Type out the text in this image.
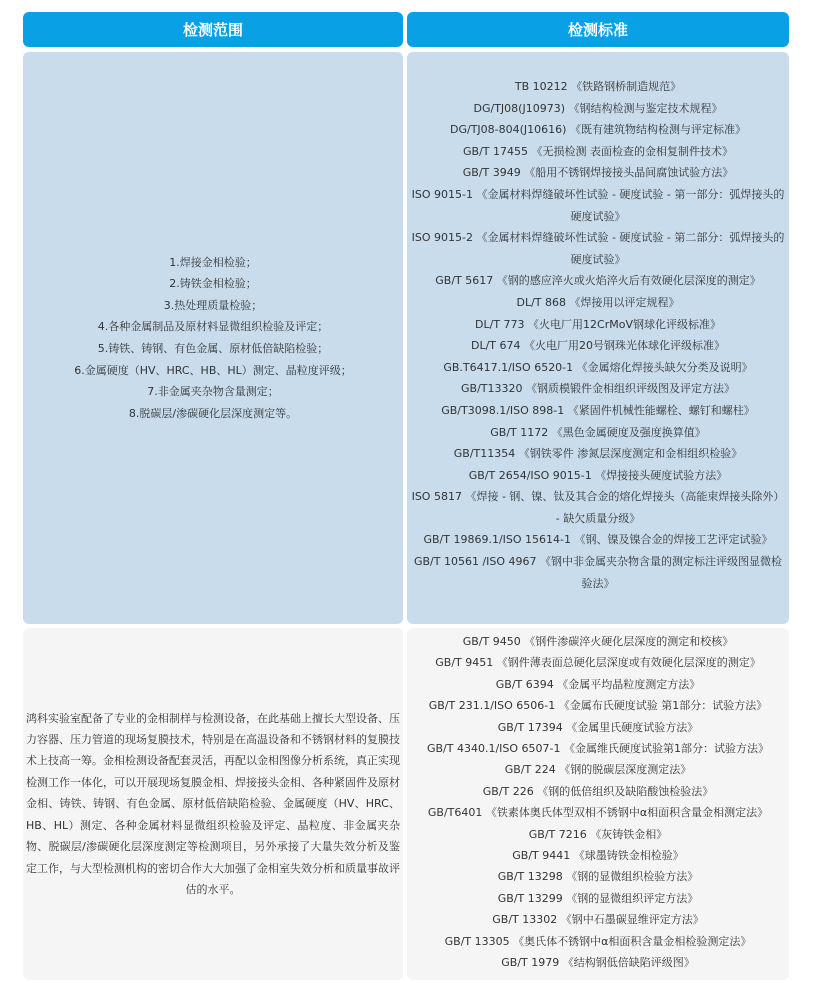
检测范围	检测标准
1.焊接金相检验；
2.铸铁金相检验；
3.热处理质量检验；
4.各种金属制品及原材料显微组织检验及评定；
5.铸铁、铸钢、有色金属、原材低倍缺陷检验；
6.金属硬度（HV、HRC、HB、HL）测定、晶粒度评级；
7.非金属夹杂物含量测定；
8.脱碳层/渗碳硬化层深度测定等。
TB 10212 《铁路钢桥制造规范》
DG/TJ08(J10973) 《钢结构检测与鉴定技术规程》
DG/TJ08-804(J10616) 《既有建筑物结构检测与评定标准》
GB/T 17455 《无损检测 表面检查的金相复制件技术》
GB/T 3949 《船用不锈钢焊接接头晶间腐蚀试验方法》
ISO 9015-1 《金属材料焊缝破坏性试验 - 硬度试验 - 第一部分：弧焊接头的硬度试验》
ISO 9015-2 《金属材料焊缝破坏性试验 - 硬度试验 - 第二部分：弧焊接头的硬度试验》
GB/T 5617 《钢的感应淬火或火焰淬火后有效硬化层深度的测定》
DL/T 868 《焊接用以评定规程》
DL/T 773 《火电厂用12CrMoV钢球化评级标准》
DL/T 674 《火电厂用20号钢珠光体球化评级标准》
GB.T6417.1/ISO 6520-1 《金属熔化焊接头缺欠分类及说明》
GB/T13320 《钢质模锻件金相组织评级图及评定方法》
GB/T3098.1/ISO 898-1 《紧固件机械性能螺栓、螺钉和螺柱》
GB/T 1172 《黑色金属硬度及强度换算值》
GB/T11354 《钢铁零件 渗氮层深度测定和金相组织检验》
GB/T 2654/ISO 9015-1 《焊接接头硬度试验方法》
ISO 5817 《焊接 - 钢、镍、钛及其合金的熔化焊接头（高能束焊接头除外） - 缺欠质量分级》
GB/T 19869.1/ISO 15614-1 《钢、镍及镍合金的焊接工艺评定试验》
GB/T 10561 /ISO 4967 《钢中非金属夹杂物含量的测定标注评级图显微检验法》
鸿科实验室配备了专业的金相制样与检测设备，在此基础上擅长大型设备、压力容器、压力管道的现场复膜技术，特别是在高温设备和不锈钢材料的复膜技术上技高一筹。金相检测设备配套灵活，再配以金相图像分析系统，真正实现检测工作一体化，可以开展现场复膜金相、焊接接头金相、各种紧固件及原材金相、铸铁、铸钢、有色金属、原材低倍缺陷检验、金属硬度（HV、HRC、HB、HL）测定、各种金属材料显微组织检验及评定、晶粒度、非金属夹杂物、脱碳层/渗碳硬化层深度测定等检测项目，另外承接了大量失效分析及鉴定工作，与大型检测机构的密切合作大大加强了金相室失效分析和质量事故评估的水平。
GB/T 9450 《钢件渗碳淬火硬化层深度的测定和校核》
GB/T 9451 《钢件薄表面总硬化层深度或有效硬化层深度的测定》
GB/T 6394 《金属平均晶粒度测定方法》
GB/T 231.1/ISO 6506-1 《金属布氏硬度试验 第1部分：试验方法》
GB/T 17394 《金属里氏硬度试验方法》
GB/T 4340.1/ISO 6507-1 《金属维氏硬度试验第1部分：试验方法》
GB/T 224 《钢的脱碳层深度测定法》
GB/T 226 《钢的低倍组织及缺陷酸蚀检验法》
GB/T6401 《铁素体奥氏体型双相不锈钢中α相面积含量金相测定法》
GB/T 7216 《灰铸铁金相》
GB/T 9441 《球墨铸铁金相检验》
GB/T 13298 《钢的显微组织检验方法》
GB/T 13299 《钢的显微组织评定方法》
GB/T 13302 《钢中石墨碳显维评定方法》
GB/T 13305 《奥氏体不锈钢中α相面积含量金相检验测定法》
GB/T 1979 《结构钢低倍缺陷评级图》
